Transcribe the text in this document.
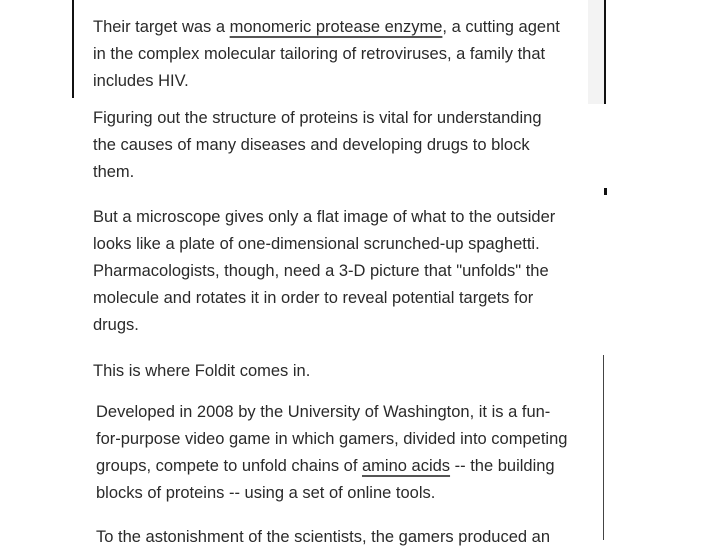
Their target was a monomeric protease enzyme, a cutting agent
in the complex molecular tailoring of retroviruses, a family that
includes HIV.

Figuring out the structure of proteins is vital for understanding
the causes of many diseases and developing drugs to block
them.

But a microscope gives only a flat image of what to the outsider
looks like a plate of one-dimensional scrunched-up spaghetti.
Pharmacologists, though, need a 3-D picture that "unfolds" the
molecule and rotates it in order to reveal potential targets for
drugs.

This is where Foldit comes in.

Developed in 2008 by the University of Washington, it is a fun-
for-purpose video game in which gamers, divided into competing
groups, compete to unfold chains of amino acids -- the building
blocks of proteins -- using a set of online tools.

To the astonishment of the scientists, the gamers produced an
